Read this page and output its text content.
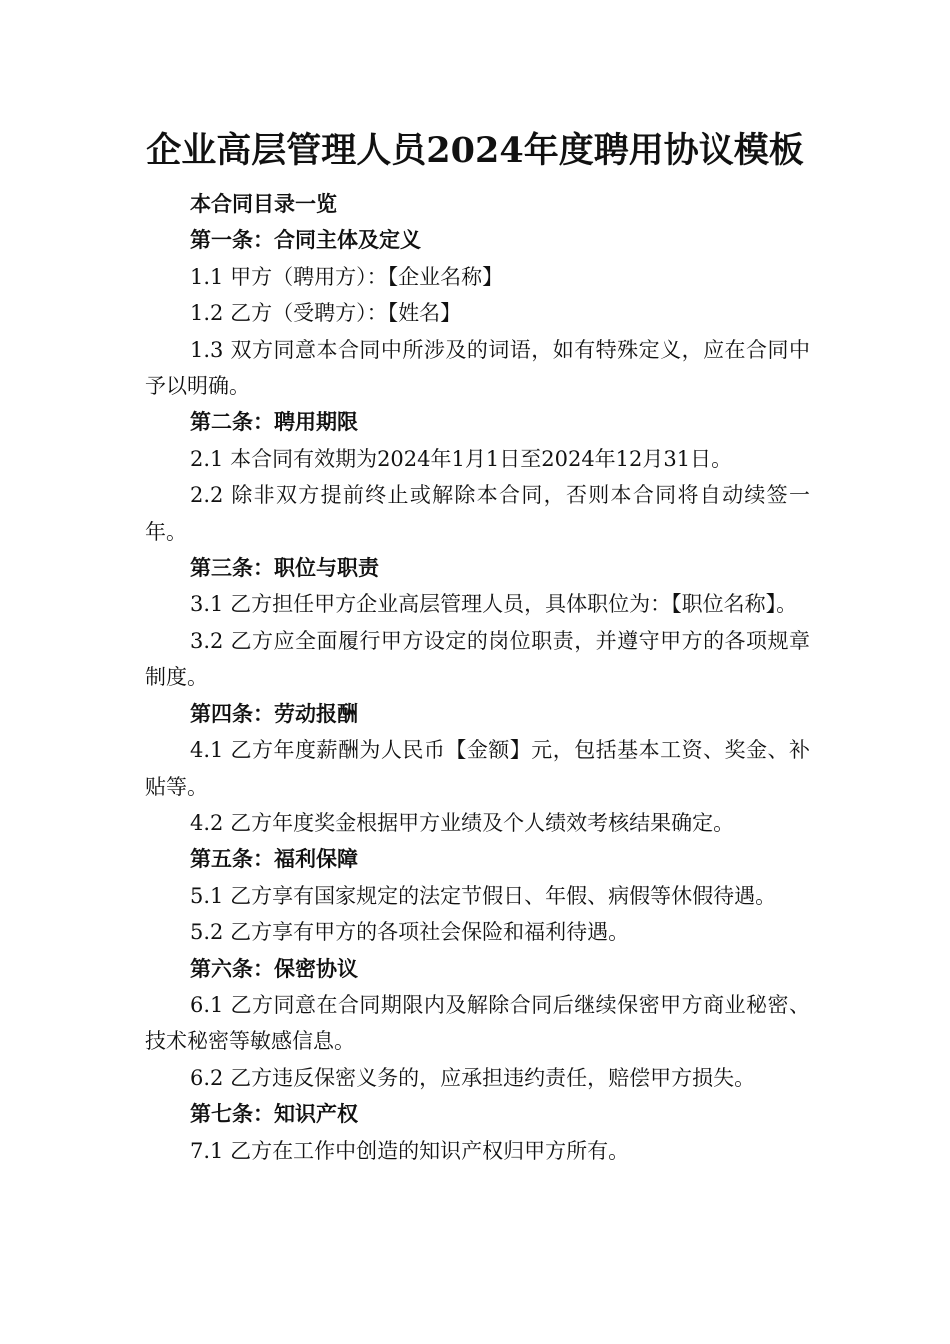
企业高层管理人员2024年度聘用协议模板

本合同目录一览

第一条：合同主体及定义

1.1 甲方（聘用方）：【企业名称】

1.2 乙方（受聘方）：【姓名】

1.3 双方同意本合同中所涉及的词语，如有特殊定义，应在合同中予以明确。

第二条：聘用期限

2.1 本合同有效期为2024年1月1日至2024年12月31日。

2.2 除非双方提前终止或解除本合同，否则本合同将自动续签一年。

第三条：职位与职责

3.1 乙方担任甲方企业高层管理人员，具体职位为：【职位名称】。

3.2 乙方应全面履行甲方设定的岗位职责，并遵守甲方的各项规章制度。

第四条：劳动报酬

4.1 乙方年度薪酬为人民币【金额】元，包括基本工资、奖金、补贴等。

4.2 乙方年度奖金根据甲方业绩及个人绩效考核结果确定。

第五条：福利保障

5.1 乙方享有国家规定的法定节假日、年假、病假等休假待遇。

5.2 乙方享有甲方的各项社会保险和福利待遇。

第六条：保密协议

6.1 乙方同意在合同期限内及解除合同后继续保密甲方商业秘密、技术秘密等敏感信息。

6.2 乙方违反保密义务的，应承担违约责任，赔偿甲方损失。

第七条：知识产权

7.1 乙方在工作中创造的知识产权归甲方所有。
